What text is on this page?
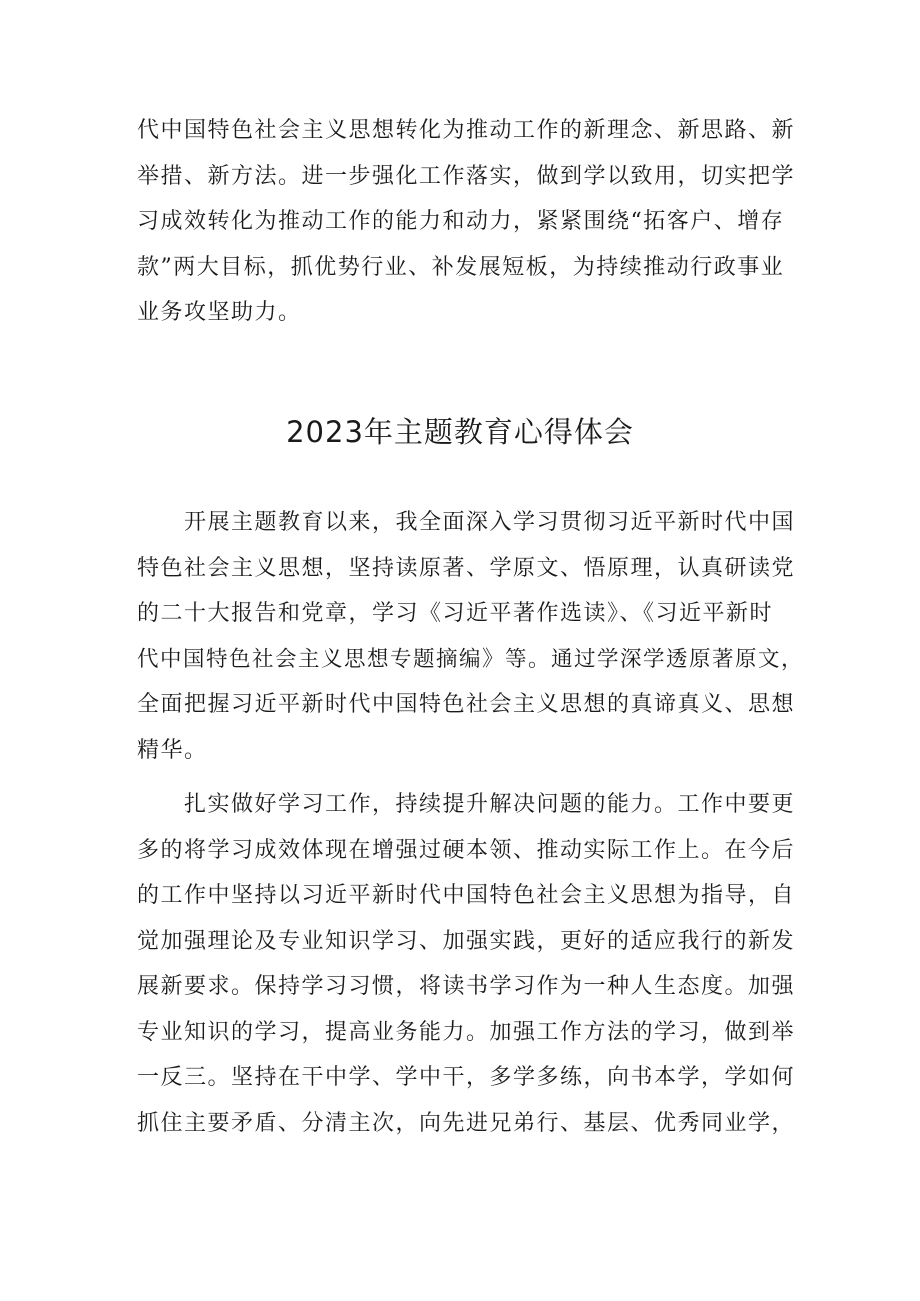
代中国特色社会主义思想转化为推动工作的新理念、新思路、新
举措、新方法。进一步强化工作落实，做到学以致用，切实把学
习成效转化为推动工作的能力和动力，紧紧围绕“拓客户、增存
款”两大目标，抓优势行业、补发展短板，为持续推动行政事业
业务攻坚助力。
2023年主题教育心得体会
开展主题教育以来，我全面深入学习贯彻习近平新时代中国
特色社会主义思想，坚持读原著、学原文、悟原理，认真研读党
的二十大报告和党章，学习《习近平著作选读》、《习近平新时
代中国特色社会主义思想专题摘编》等。通过学深学透原著原文，
全面把握习近平新时代中国特色社会主义思想的真谛真义、思想
精华。
扎实做好学习工作，持续提升解决问题的能力。工作中要更
多的将学习成效体现在增强过硬本领、推动实际工作上。在今后
的工作中坚持以习近平新时代中国特色社会主义思想为指导，自
觉加强理论及专业知识学习、加强实践，更好的适应我行的新发
展新要求。保持学习习惯，将读书学习作为一种人生态度。加强
专业知识的学习，提高业务能力。加强工作方法的学习，做到举
一反三。坚持在干中学、学中干，多学多练，向书本学，学如何
抓住主要矛盾、分清主次，向先进兄弟行、基层、优秀同业学，
